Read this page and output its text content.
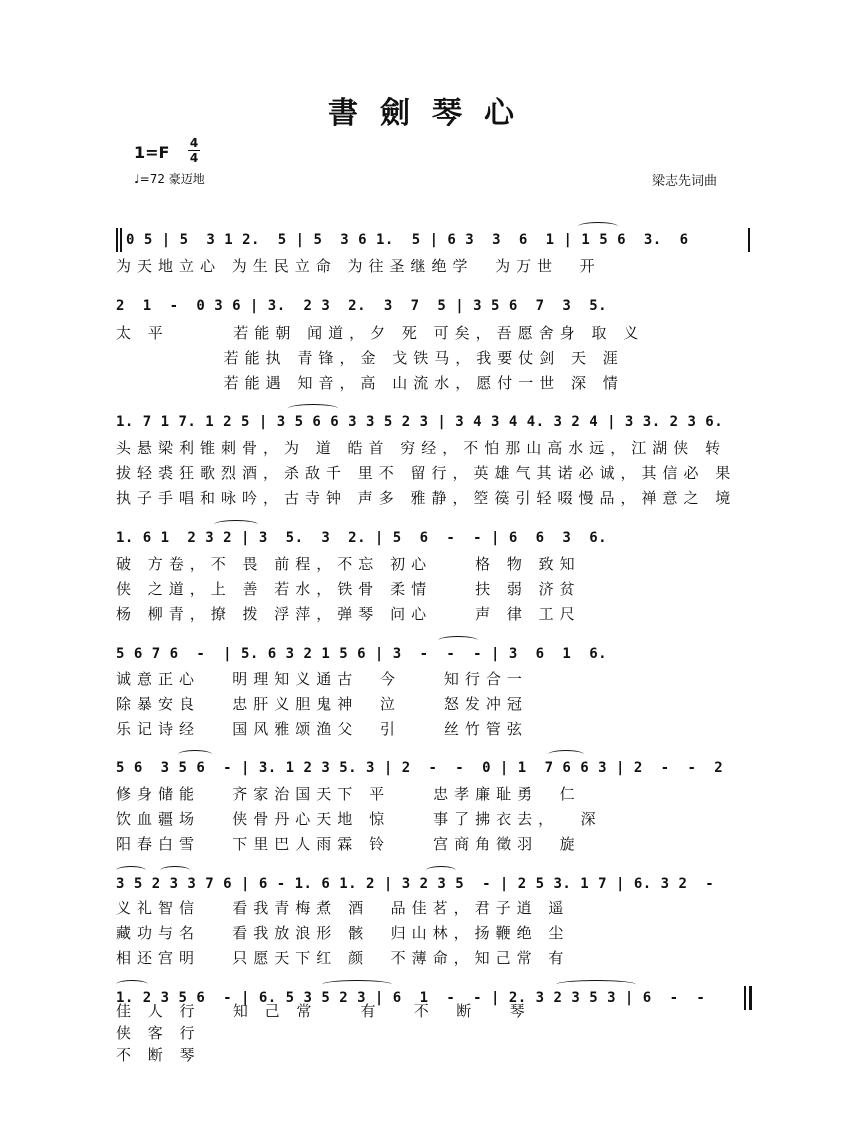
書劍琴心
1=F 4
4
♩=72 豪迈地	梁志先词曲
0 5 | 5  3 1 2.  5 | 5  3 6 1.  5 | 6 3  3  6  1 | 1 5 6  3.  6
为天地立心 为生民立命 为往圣继绝学  为万世  开
2  1  -  0 3 6 | 3.  2 3  2.  3  7  5 | 3 5 6  7  3  5.
太 平      若能朝 闻道，夕 死 可矣，吾愿舍身 取 义
若能执 青锋，金 戈铁马，我要仗剑 天 涯
若能遇 知音，高 山流水，愿付一世 深 情
1. 7 1 7. 1 2 5 | 3 5 6 6 3 3 5 2 3 | 3 4 3 4 4. 3 2 4 | 3 3. 2 3 6.
头悬梁利锥刺骨，为 道 皓首 穷经，不怕那山高水远，江湖侠 转
拔轻裘狂歌烈酒，杀敌千 里不 留行，英雄气其诺必诚，其信必 果
执子手唱和咏吟，古寺钟 声多 雅静，箜篌引轻啜慢品，禅意之 境
1. 6 1  2 3 2 | 3  5.  3  2. | 5  6  -  - | 6  6  3  6.
破 方卷，不 畏 前程，不忘 初心    格 物 致知
侠 之道，上 善 若水，铁骨 柔情    扶 弱 济贫
杨 柳青，撩 拨 浮萍，弹琴 问心    声 律 工尺
5 6 7 6  -  | 5. 6 3 2 1 5 6 | 3  -  -  - | 3  6  1  6.
诚意正心   明理知义通古  今    知行合一
除暴安良   忠肝义胆鬼神  泣    怒发冲冠
乐记诗经   国风雅颂渔父  引    丝竹管弦
5 6  3 5 6  - | 3. 1 2 3 5. 3 | 2  -  -  0 | 1  7 6 6 3 | 2  -  -  2
修身储能   齐家治国天下 平    忠孝廉耻勇  仁
饮血疆场   侠骨丹心天地 惊    事了拂衣去，  深
阳春白雪   下里巴人雨霖 铃    宫商角徵羽  旋
3 5 2 3 3 7 6 | 6 - 1. 6 1. 2 | 3 2 3 5  - | 2 5 3. 1 7 | 6. 3 2  -
义礼智信   看我青梅煮 酒  品佳茗，君子逍 遥
藏功与名   看我放浪形 骸  归山林，扬鞭绝 尘
相还宫明   只愿天下红 颜  不薄命，知己常 有
1. 2 3 5 6  - | 6. 5 3 5 2 3 | 6  1  -  - | 2. 3 2 3 5 3 | 6  -  -
佳 人 行   知 己 常    有   不  断   琴
侠 客 行
不 断 琴
